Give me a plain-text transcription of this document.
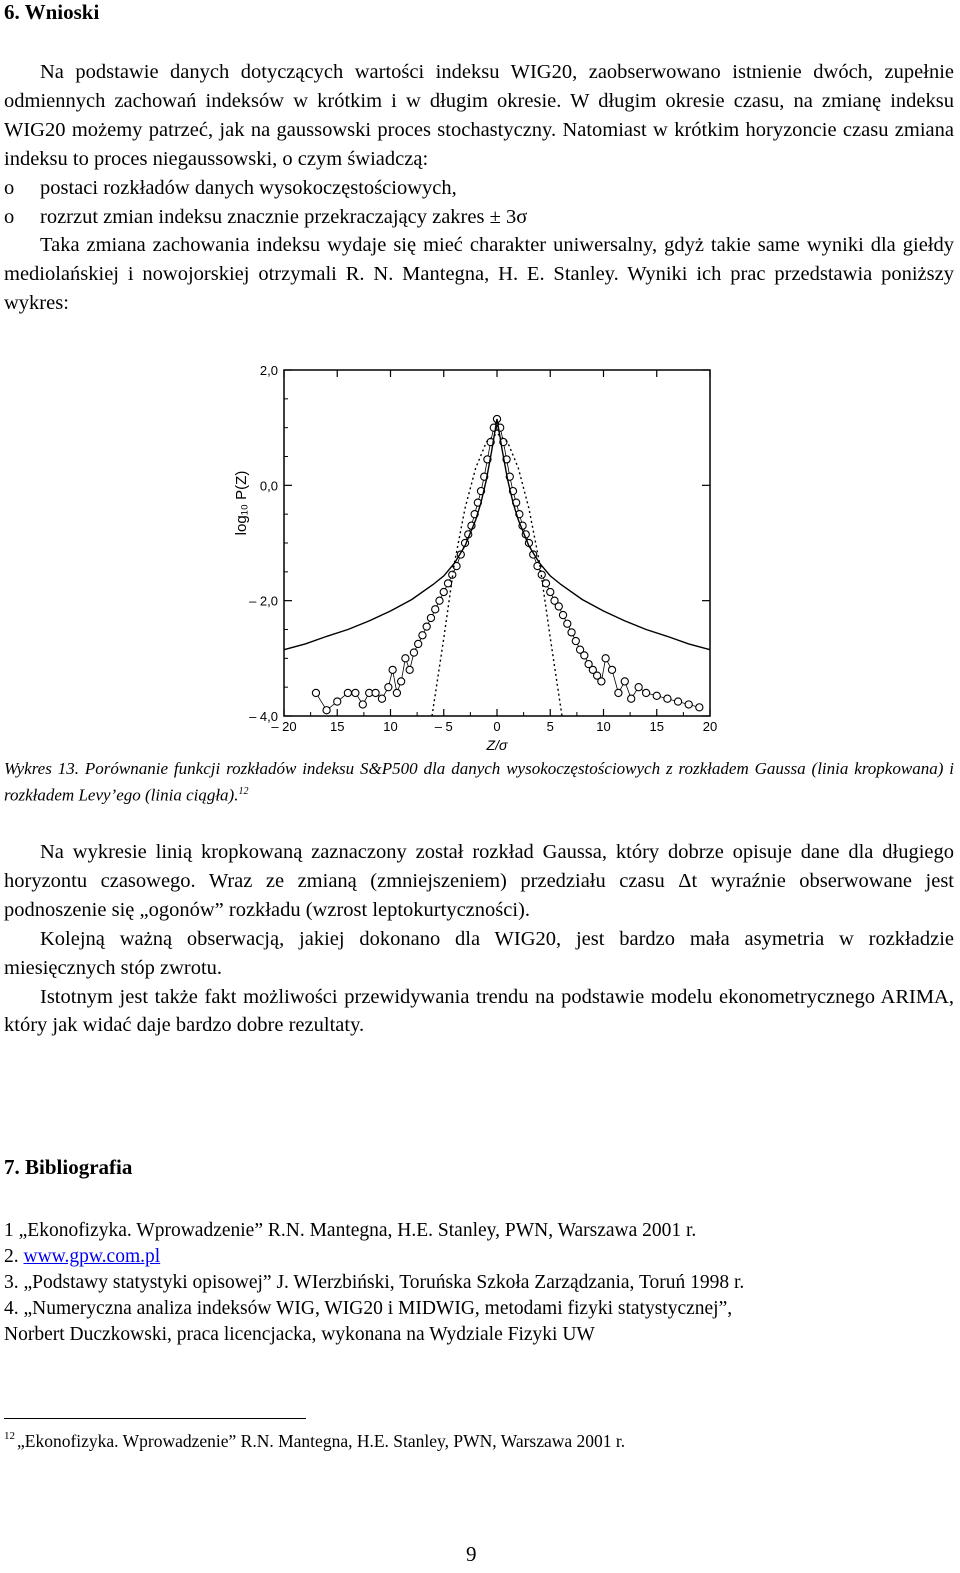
6. Wnioski

Na podstawie danych dotyczących wartości indeksu WIG20, zaobserwowano istnienie dwóch, zupełnie odmiennych zachowań indeksów w krótkim i w długim okresie. W długim okresie czasu, na zmianę indeksu WIG20 możemy patrzeć, jak na gaussowski proces stochastyczny. Natomiast w krótkim horyzoncie czasu zmiana indeksu to proces niegaussowski, o czym świadczą:

o	postaci rozkładów danych wysokoczęstościowych,
o	rozrzut zmian indeksu znacznie przekraczający zakres ± 3σ

Taka zmiana zachowania indeksu wydaje się mieć charakter uniwersalny, gdyż takie same wyniki dla giełdy mediolańskiej i nowojorskiej otrzymali R. N. Mantegna, H. E. Stanley. Wyniki ich prac przedstawia poniższy wykres:

– 20	15	10	– 5	0	5	10	15	20
2,0
0,0
– 2,0
– 4,0
Z/σ
log₁₀ P(Z)
Wykres 13. Porównanie funkcji rozkładów indeksu S&P500 dla danych wysokoczęstościowych z rozkładem Gaussa (linia kropkowana) i rozkładem Levy’ego (linia ciągła).$^{12}$

Na wykresie linią kropkowaną zaznaczony został rozkład Gaussa, który dobrze opisuje dane dla długiego horyzontu czasowego. Wraz ze zmianą (zmniejszeniem) przedziału czasu Δt wyraźnie obserwowane jest podnoszenie się „ogonów” rozkładu (wzrost leptokurtyczności).

Kolejną ważną obserwacją, jakiej dokonano dla WIG20, jest bardzo mała asymetria w rozkładzie miesięcznych stóp zwrotu.

Istotnym jest także fakt możliwości przewidywania trendu na podstawie modelu ekonometrycznego ARIMA, który jak widać daje bardzo dobre rezultaty.

7. Bibliografia
1 „Ekonofizyka. Wprowadzenie” R.N. Mantegna, H.E. Stanley, PWN, Warszawa 2001 r.
2. www.gpw.com.pl
3. „Podstawy statystyki opisowej” J. WIerzbiński, Toruńska Szkoła Zarządzania, Toruń 1998 r.
4. „Numeryczna analiza indeksów WIG, WIG20 i MIDWIG, metodami fizyki statystycznej”,
Norbert Duczkowski, praca licencjacka, wykonana na Wydziale Fizyki UW
$^{12}$ „Ekonofizyka. Wprowadzenie” R.N. Mantegna, H.E. Stanley, PWN, Warszawa 2001 r.
9
